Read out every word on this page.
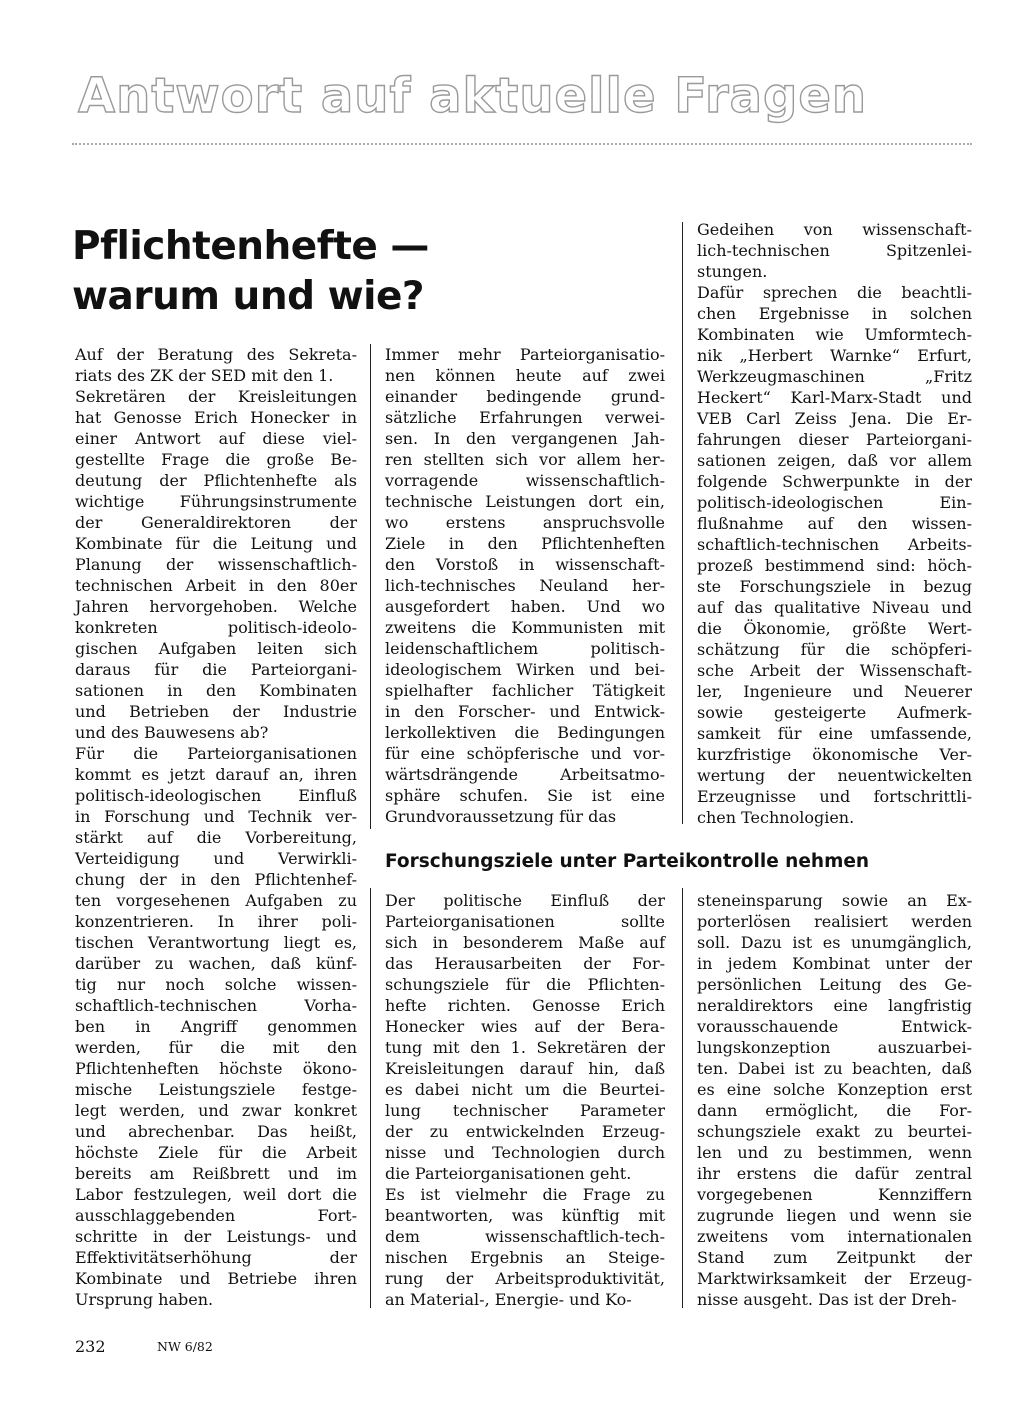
Antwort auf aktuelle Fragen
Pflichtenhefte —
warum und wie?
Auf der Beratung des Sekreta-
riats des ZK der SED mit den 1.
Sekretären der Kreisleitungen
hat Genosse Erich Honecker in
einer Antwort auf diese viel-
gestellte Frage die große Be-
deutung der Pflichtenhefte als
wichtige Führungsinstrumente
der Generaldirektoren der
Kombinate für die Leitung und
Planung der wissenschaftlich-
technischen Arbeit in den 80er
Jahren hervorgehoben. Welche
konkreten politisch-ideolo-
gischen Aufgaben leiten sich
daraus für die Parteiorgani-
sationen in den Kombinaten
und Betrieben der Industrie
und des Bauwesens ab?
Für die Parteiorganisationen
kommt es jetzt darauf an, ihren
politisch-ideologischen Einfluß
in Forschung und Technik ver-
stärkt auf die Vorbereitung,
Verteidigung und Verwirkli-
chung der in den Pflichtenhef-
ten vorgesehenen Aufgaben zu
konzentrieren. In ihrer poli-
tischen Verantwortung liegt es,
darüber zu wachen, daß künf-
tig nur noch solche wissen-
schaftlich-technischen Vorha-
ben in Angriff genommen
werden, für die mit den
Pflichtenheften höchste ökono-
mische Leistungsziele festge-
legt werden, und zwar konkret
und abrechenbar. Das heißt,
höchste Ziele für die Arbeit
bereits am Reißbrett und im
Labor festzulegen, weil dort die
ausschlaggebenden Fort-
schritte in der Leistungs- und
Effektivitätserhöhung der
Kombinate und Betriebe ihren
Ursprung haben.
Immer mehr Parteiorganisatio-
nen können heute auf zwei
einander bedingende grund-
sätzliche Erfahrungen verwei-
sen. In den vergangenen Jah-
ren stellten sich vor allem her-
vorragende wissenschaftlich-
technische Leistungen dort ein,
wo erstens anspruchsvolle
Ziele in den Pflichtenheften
den Vorstoß in wissenschaft-
lich-technisches Neuland her-
ausgefordert haben. Und wo
zweitens die Kommunisten mit
leidenschaftlichem politisch-
ideologischem Wirken und bei-
spielhafter fachlicher Tätigkeit
in den Forscher- und Entwick-
lerkollektiven die Bedingungen
für eine schöpferische und vor-
wärtsdrängende Arbeitsatmo-
sphäre schufen. Sie ist eine
Grundvoraussetzung für das
Gedeihen von wissenschaft-
lich-technischen Spitzenlei-
stungen.
Dafür sprechen die beachtli-
chen Ergebnisse in solchen
Kombinaten wie Umformtech-
nik „Herbert Warnke“ Erfurt,
Werkzeugmaschinen „Fritz
Heckert“ Karl-Marx-Stadt und
VEB Carl Zeiss Jena. Die Er-
fahrungen dieser Parteiorgani-
sationen zeigen, daß vor allem
folgende Schwerpunkte in der
politisch-ideologischen Ein-
flußnahme auf den wissen-
schaftlich-technischen Arbeits-
prozeß bestimmend sind: höch-
ste Forschungsziele in bezug
auf das qualitative Niveau und
die Ökonomie, größte Wert-
schätzung für die schöpferi-
sche Arbeit der Wissenschaft-
ler, Ingenieure und Neuerer
sowie gesteigerte Aufmerk-
samkeit für eine umfassende,
kurzfristige ökonomische Ver-
wertung der neuentwickelten
Erzeugnisse und fortschrittli-
chen Technologien.
Forschungsziele unter Parteikontrolle nehmen
Der politische Einfluß der
Parteiorganisationen sollte
sich in besonderem Maße auf
das Herausarbeiten der For-
schungsziele für die Pflichten-
hefte richten. Genosse Erich
Honecker wies auf der Bera-
tung mit den 1. Sekretären der
Kreisleitungen darauf hin, daß
es dabei nicht um die Beurtei-
lung technischer Parameter
der zu entwickelnden Erzeug-
nisse und Technologien durch
die Parteiorganisationen geht.
Es ist vielmehr die Frage zu
beantworten, was künftig mit
dem wissenschaftlich-tech-
nischen Ergebnis an Steige-
rung der Arbeitsproduktivität,
an Material-, Energie- und Ko-
steneinsparung sowie an Ex-
porterlösen realisiert werden
soll. Dazu ist es unumgänglich,
in jedem Kombinat unter der
persönlichen Leitung des Ge-
neraldirektors eine langfristig
vorausschauende Entwick-
lungskonzeption auszuarbei-
ten. Dabei ist zu beachten, daß
es eine solche Konzeption erst
dann ermöglicht, die For-
schungsziele exakt zu beurtei-
len und zu bestimmen, wenn
ihr erstens die dafür zentral
vorgegebenen Kennziffern
zugrunde liegen und wenn sie
zweitens vom internationalen
Stand zum Zeitpunkt der
Marktwirksamkeit der Erzeug-
nisse ausgeht. Das ist der Dreh-
232	NW 6/82
